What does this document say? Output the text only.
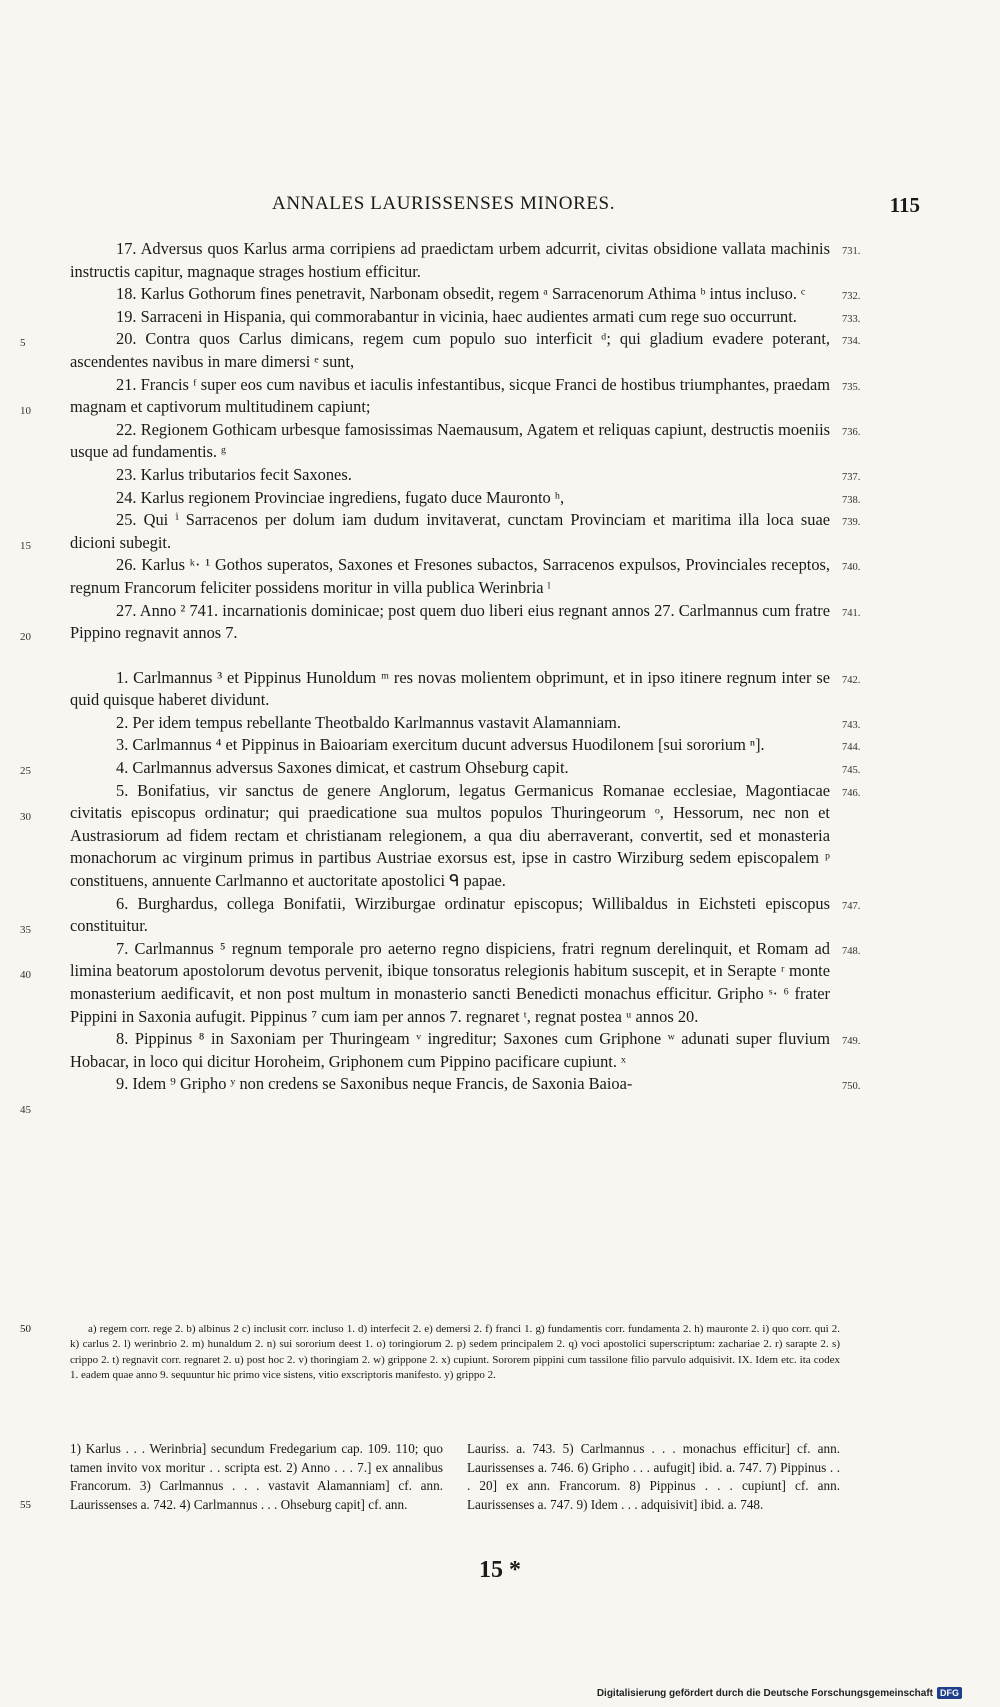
ANNALES LAURISSENSES MINORES.	115

17. Adversus quos Karlus arma corripiens ad praedictam urbem adcurrit, civitas obsidione vallata machinis instructis capitur, magnaque strages hostium efficitur.
731.

18. Karlus Gothorum fines penetravit, Narbonam obsedit, regem ᵃ Sarracenorum Athima ᵇ intus incluso. ᶜ	732.

19. Sarraceni in Hispania, qui commorabantur in vicinia, haec audientes armati cum rege suo occurrunt.	733.
5	20. Contra quos Carlus dimicans, regem cum populo suo interficit ᵈ; qui gladium evadere poterant, ascendentes navibus in mare dimersi ᵉ sunt,
734.

21. Francis ᶠ super eos cum navibus et iaculis infestantibus, sicque Franci de hostibus triumphantes, praedam magnam et captivorum multitudinem capiunt;
735.
10

22. Regionem Gothicam urbesque famosissimas Naemausum, Agatem et reliquas capiunt, destructis moeniis usque ad fundamentis. ᵍ
736.

23. Karlus tributarios fecit Saxones.	737.

24. Karlus regionem Provinciae ingrediens, fugato duce Mauronto ʰ,	738.

25. Qui ⁱ Sarracenos per dolum iam dudum invitaverat, cunctam Provinciam et maritima illa loca suae dicioni subegit.
739.
15

26. Karlus ᵏ· ¹ Gothos superatos, Saxones et Fresones subactos, Sarracenos expulsos, Provinciales receptos, regnum Francorum feliciter possidens moritur in villa publica Werinbria ˡ
740.

27. Anno ² 741. incarnationis dominicae; post quem duo liberi eius regnant annos 27. Carlmannus cum fratre Pippino regnavit annos 7.
741.
20

1. Carlmannus ³ et Pippinus Hunoldum ᵐ res novas molientem obprimunt, et in ipso itinere regnum inter se quid quisque haberet dividunt.
742.

2. Per idem tempus rebellante Theotbaldo Karlmannus vastavit Alamanniam.	743.

3. Carlmannus ⁴ et Pippinus in Baioariam exercitum ducunt adversus Huodilonem [sui sororium ⁿ].	744.
25	4. Carlmannus adversus Saxones dimicat, et castrum Ohseburg capit.	745.

5. Bonifatius, vir sanctus de genere Anglorum, legatus Germanicus Romanae ecclesiae, Magontiacae civitatis episcopus ordinatur; qui praedicatione sua multos populos Thuringeorum ᵒ, Hessorum, nec non et Austrasiorum ad fidem rectam et christianam relegionem, a qua diu aberraverant, convertit, sed et monasteria monachorum ac virginum primus in partibus Austriae exorsus est, ipse in castro Wirziburg sedem episcopalem ᵖ constituens, annuente Carlmanno et auctoritate apostolici ᑫ papae.
746.
30

6. Burghardus, collega Bonifatii, Wirziburgae ordinatur episcopus; Willibaldus in Eichsteti episcopus constituitur.
747.
35

7. Carlmannus ⁵ regnum temporale pro aeterno regno dispiciens, fratri regnum derelinquit, et Romam ad limina beatorum apostolorum devotus pervenit, ibique tonsoratus relegionis habitum suscepit, et in Serapte ʳ monte monasterium aedificavit, et non post multum in monasterio sancti Benedicti monachus efficitur. Gripho ˢ· ⁶ frater Pippini in Saxonia aufugit. Pippinus ⁷ cum iam per annos 7. regnaret ᵗ, regnat postea ᵘ annos 20.
748.
40

8. Pippinus ⁸ in Saxoniam per Thuringeam ᵛ ingreditur; Saxones cum Griphone ʷ adunati super fluvium Hobacar, in loco qui dicitur Horoheim, Griphonem cum Pippino pacificare cupiunt. ˣ
749.

9. Idem ⁹ Gripho ʸ non credens se Saxonibus neque Francis, de Saxonia Baioa-	750.
45

50	a) regem corr. rege 2. b) albinus 2 c) inclusit corr. incluso 1. d) interfecit 2. e) demersi 2. f) franci 1. g) fundamentis corr. fundamenta 2. h) mauronte 2. i) quo corr. qui 2. k) carlus 2. l) werinbrio 2. m) hunaldum 2. n) sui sororium deest 1. o) toringiorum 2. p) sedem principalem 2. q) voci apostolici superscriptum: zachariae 2. r) sarapte 2. s) crippo 2. t) regnavit corr. regnaret 2. u) post hoc 2. v) thoringiam 2. w) grippone 2. x) cupiunt. Sororem pippini cum tassilone filio parvulo adquisivit. IX. Idem etc. ita codex 1. eadem quae anno 9. sequuntur hic primo vice sistens, vitio exscriptoris manifesto. y) grippo 2.

55
1) Karlus . . . Werinbria] secundum Fredegarium cap. 109. 110; quo tamen invito vox moritur . . scripta est. 2) Anno . . . 7.] ex annalibus Francorum. 3) Carlmannus . . . vastavit Alamanniam] cf. ann. Laurissenses a. 742. 4) Carlmannus . . . Ohseburg capit] cf. ann.

Lauriss. a. 743. 5) Carlmannus . . . monachus efficitur] cf. ann. Laurissenses a. 746. 6) Gripho . . . aufugit] ibid. a. 747. 7) Pippinus . . . 20] ex ann. Francorum. 8) Pippinus . . . cupiunt] cf. ann. Laurissenses a. 747. 9) Idem . . . adquisivit] ibid. a. 748.

15 *
Digitalisierung gefördert durch die Deutsche Forschungsgemeinschaft DFG
